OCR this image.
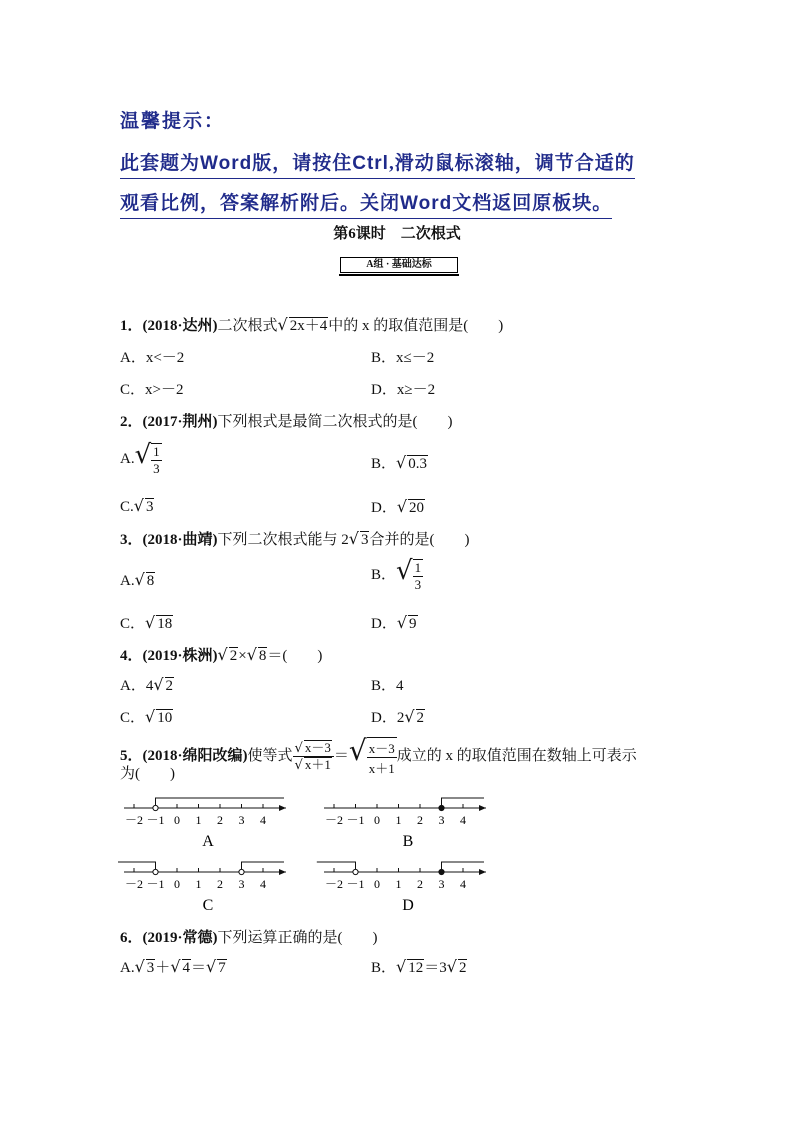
温馨提示：
此套题为Word版，请按住Ctrl,滑动鼠标滚轴，调节合适的
观看比例，答案解析附后。关闭Word文档返回原板块。
第6课时　二次根式
A组 · 基础达标
1．(2018·达州)二次根式√ 2x＋4中的 x 的取值范围是(　　)
A．x<－2	B．x≤－2
C．x>－2	D．x≥－2
2．(2017·荆州)下列根式是最简二次根式的是(　　)
$A.√ \frac{1}{3}$	B．√ 0.3
C.√ 3	D．√ 20
3．(2018·曲靖)下列二次根式能与 2√ 3合并的是(　　)
A.√ 8	B．√ $\frac{1}{3}$
C．√ 18	D．√ 9
4．(2019·株洲)√ 2×√ 8＝(　　)
A．4√ 2	B．4
C．√ 10	D．2√ 2
5．(2018·绵阳改编)使等式 $\frac{√ x-3}{√ x+1}$ ＝√ $\frac{x-3}{x+1}$ 成立的 x 的取值范围在数轴上可表示
为(　　)
－2 －1 0 1 2 3 4
A
－2 －1 0 1 2 3 4
B
－2 －1 0 1 2 3 4
C
－2 －1 0 1 2 3 4
D
6．(2019·常德)下列运算正确的是(　　)
A.√ 3＋√ 4＝√ 7	B．√ 12＝3√ 2
